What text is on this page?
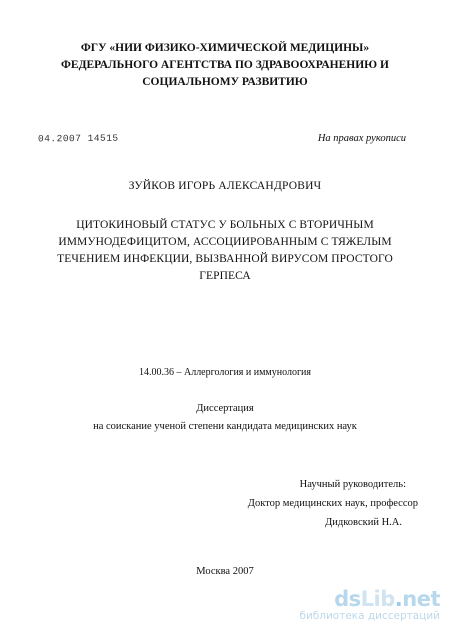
ФГУ «НИИ ФИЗИКО-ХИМИЧЕСКОЙ МЕДИЦИНЫ»
ФЕДЕРАЛЬНОГО АГЕНТСТВА ПО ЗДРАВООХРАНЕНИЮ И
СОЦИАЛЬНОМУ РАЗВИТИЮ
04.2007 14515	На правах рукописи
ЗУЙКОВ ИГОРЬ АЛЕКСАНДРОВИЧ
ЦИТОКИНОВЫЙ СТАТУС У БОЛЬНЫХ С ВТОРИЧНЫМ
ИММУНОДЕФИЦИТОМ, АССОЦИИРОВАННЫМ С ТЯЖЕЛЫМ
ТЕЧЕНИЕМ ИНФЕКЦИИ, ВЫЗВАННОЙ ВИРУСОМ ПРОСТОГО
ГЕРПЕСА
14.00.36 – Аллергология и иммунология
Диссертация
на соискание ученой степени кандидата медицинских наук
Научный руководитель:
Доктор медицинских наук, профессор
Дидковский Н.А.
Москва 2007
dsLib.net
библиотека диссертаций
